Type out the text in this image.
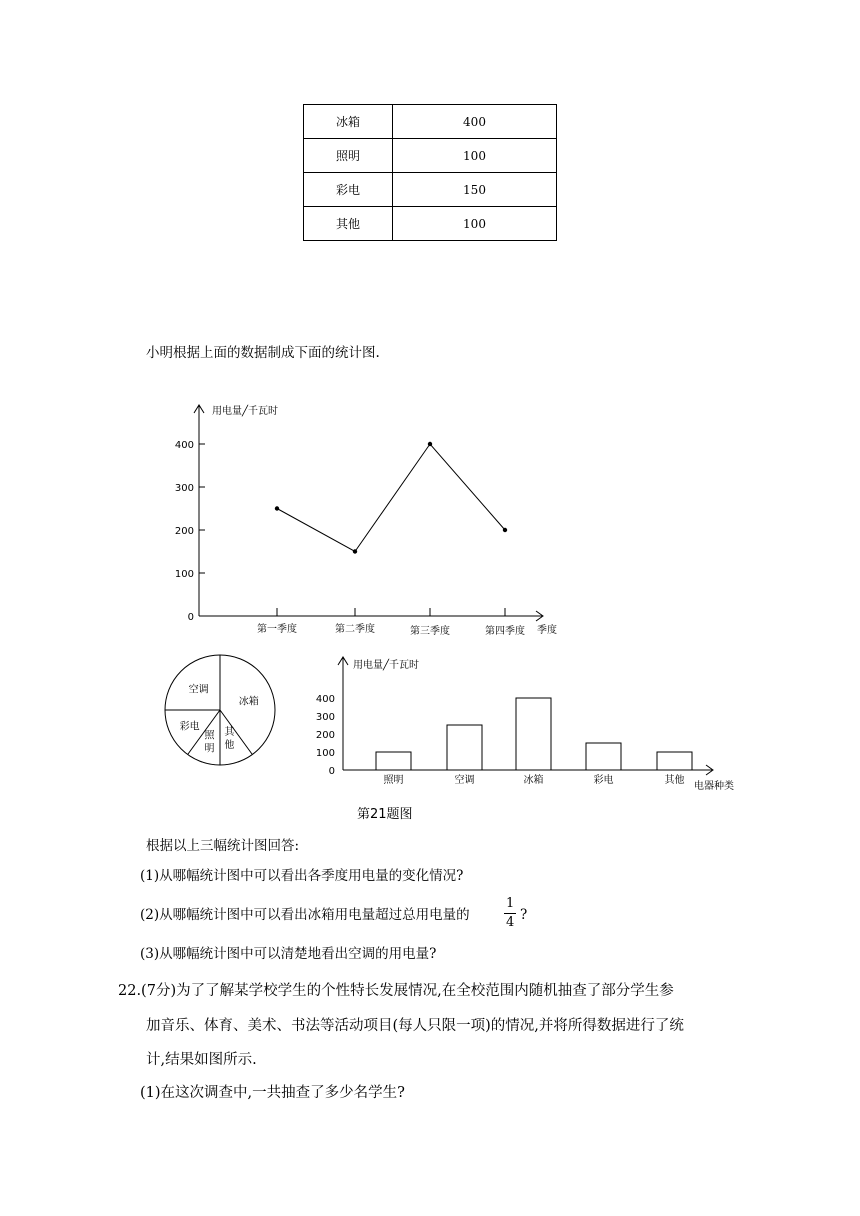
冰箱	400
照明	100
彩电	150
其他	100
小明根据上面的数据制成下面的统计图.
用电量╱千瓦时
0
100
200
300
400
第一季度	第二季度	第三季度	第四季度 季度
空调
冰箱
其他
照明
彩电
用电量╱千瓦时
0
100
200
300
400
照明	空调	冰箱	彩电	其他
电器种类
第21题图
根据以上三幅统计图回答:
(1)从哪幅统计图中可以看出各季度用电量的变化情况?
(2)从哪幅统计图中可以看出冰箱用电量超过总用电量的
1
4 ?
(3)从哪幅统计图中可以清楚地看出空调的用电量?
22.(7分)为了了解某学校学生的个性特长发展情况,在全校范围内随机抽查了部分学生参
加音乐、体育、美术、书法等活动项目(每人只限一项)的情况,并将所得数据进行了统
计,结果如图所示.
(1)在这次调查中,一共抽查了多少名学生?
